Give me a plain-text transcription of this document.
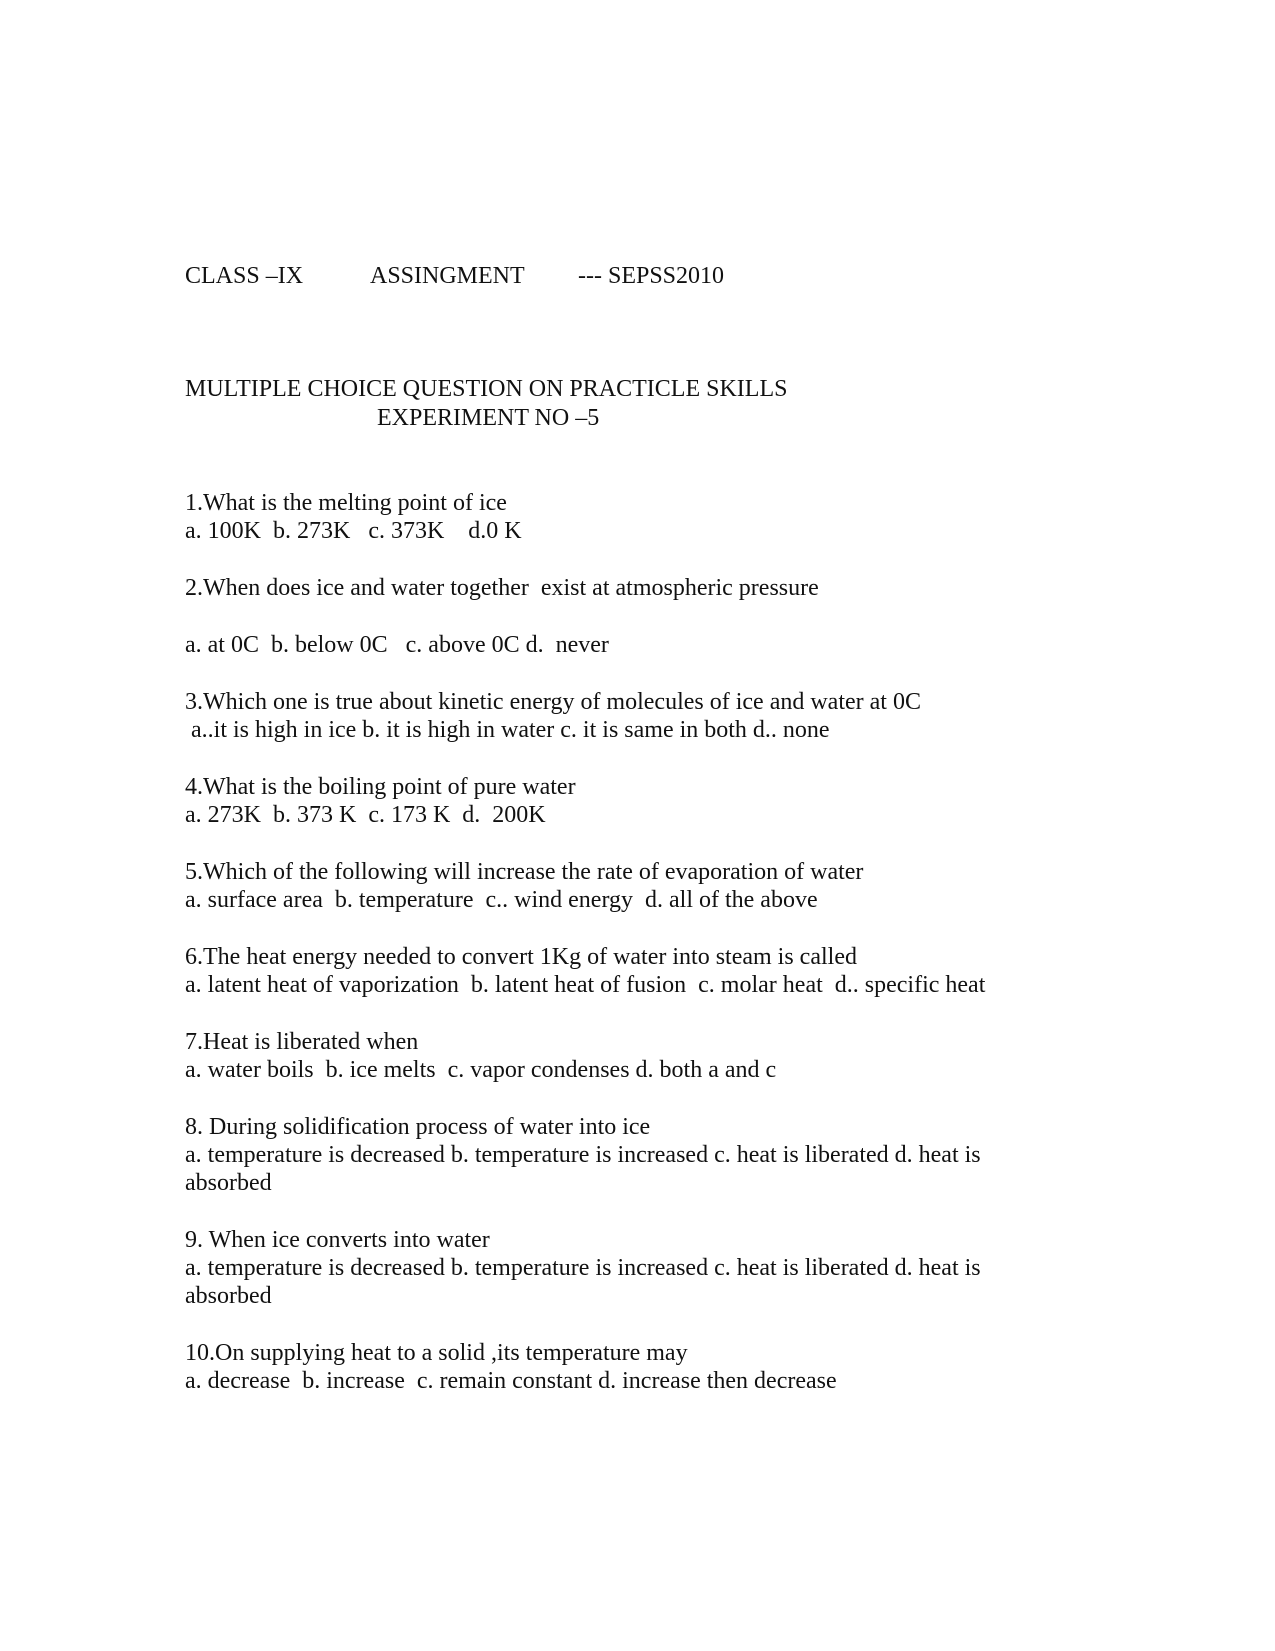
CLASS –IX	ASSINGMENT --- SEPSS2010
MULTIPLE CHOICE QUESTION ON PRACTICLE SKILLS
EXPERIMENT NO –5
1.What is the melting point of ice
a. 100K  b. 273K   c. 373K    d.0 K
2.When does ice and water together  exist at atmospheric pressure
a. at 0C  b. below 0C   c. above 0C d.  never
3.Which one is true about kinetic energy of molecules of ice and water at 0C
a..it is high in ice b. it is high in water c. it is same in both d.. none
4.What is the boiling point of pure water
a. 273K  b. 373 K  c. 173 K  d.  200K
5.Which of the following will increase the rate of evaporation of water
a. surface area  b. temperature  c.. wind energy  d. all of the above
6.The heat energy needed to convert 1Kg of water into steam is called
a. latent heat of vaporization  b. latent heat of fusion  c. molar heat  d.. specific heat
7.Heat is liberated when
a. water boils  b. ice melts  c. vapor condenses d. both a and c
8. During solidification process of water into ice
a. temperature is decreased b. temperature is increased c. heat is liberated d. heat is
absorbed
9. When ice converts into water
a. temperature is decreased b. temperature is increased c. heat is liberated d. heat is
absorbed
10.On supplying heat to a solid ,its temperature may
a. decrease  b. increase  c. remain constant d. increase then decrease
